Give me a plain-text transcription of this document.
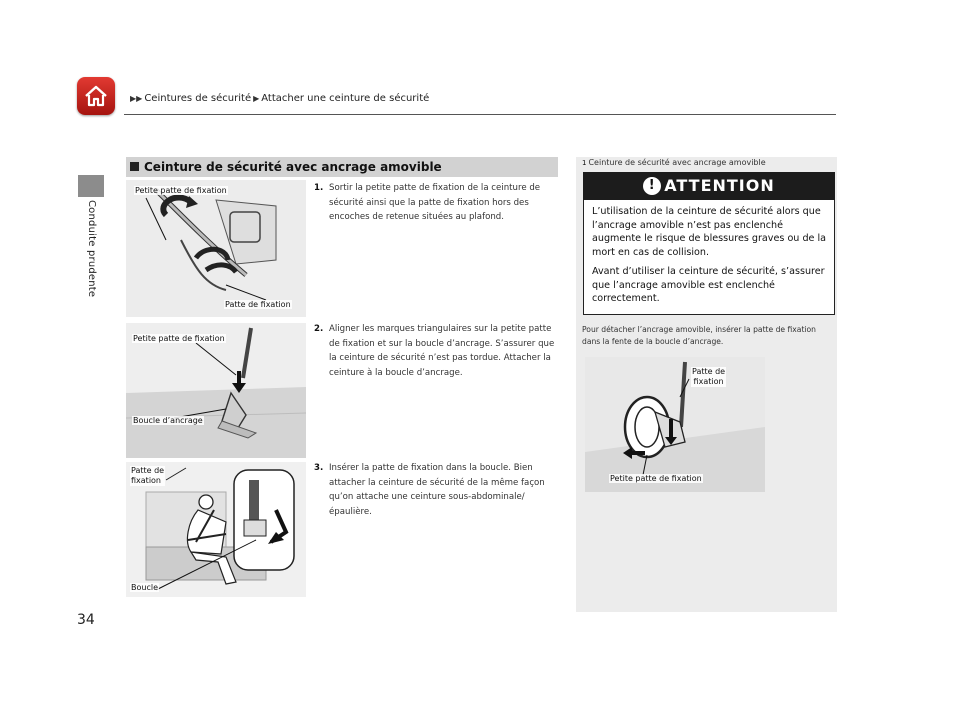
▶▶ Ceintures de sécurité ▶ Attacher une ceinture de sécurité
Conduite prudente
34
Ceinture de sécurité avec ancrage amovible
Petite patte de fixation
Patte de fixation
Petite patte de fixation
Boucle d’ancrage
Patte de
fixation
Boucle
1. Sortir la petite patte de fixation de la ceinture de sécurité ainsi que la patte de fixation hors des encoches de retenue situées au plafond.
2. Aligner les marques triangulaires sur la petite patte de fixation et sur la boucle d’ancrage. S’assurer que la ceinture de sécurité n’est pas tordue. Attacher la ceinture à la boucle d’ancrage.
3. Insérer la patte de fixation dans la boucle. Bien attacher la ceinture de sécurité de la même façon qu’on attache une ceinture sous-abdominale/ épaulière.
1 Ceinture de sécurité avec ancrage amovible
! ATTENTION
L’utilisation de la ceinture de sécurité alors que l’ancrage amovible n’est pas enclenché augmente le risque de blessures graves ou de la mort en cas de collision.
Avant d’utiliser la ceinture de sécurité, s’assurer que l’ancrage amovible est enclenché correctement.
Pour détacher l’ancrage amovible, insérer la patte de fixation dans la fente de la boucle d’ancrage.
Patte de
fixation
Petite patte de fixation
